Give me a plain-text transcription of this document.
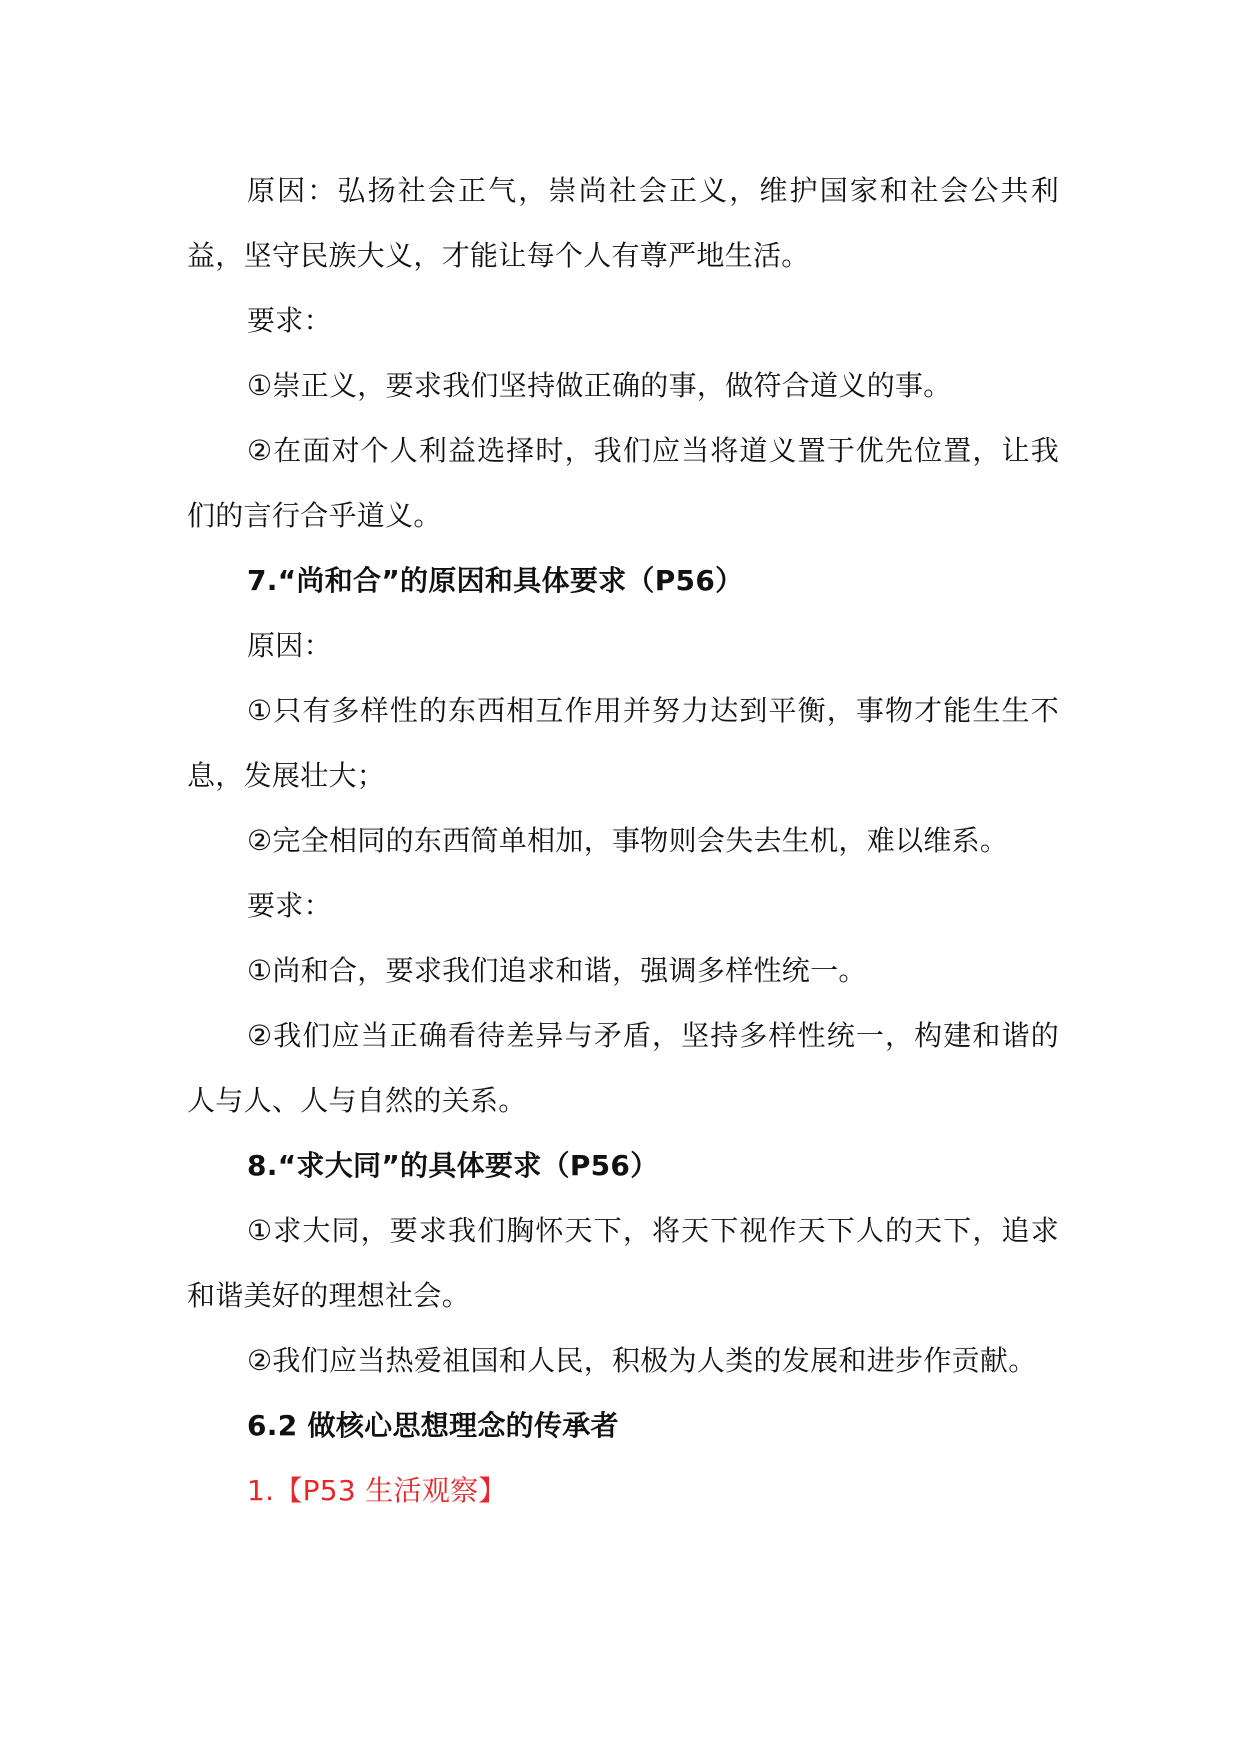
原因：弘扬社会正气，崇尚社会正义，维护国家和社会公共利益，坚守民族大义，才能让每个人有尊严地生活。

要求：

①崇正义，要求我们坚持做正确的事，做符合道义的事。

②在面对个人利益选择时，我们应当将道义置于优先位置，让我们的言行合乎道义。

7.“尚和合”的原因和具体要求（P56）

原因：

①只有多样性的东西相互作用并努力达到平衡，事物才能生生不息，发展壮大；

②完全相同的东西简单相加，事物则会失去生机，难以维系。

要求：

①尚和合，要求我们追求和谐，强调多样性统一。

②我们应当正确看待差异与矛盾，坚持多样性统一，构建和谐的人与人、人与自然的关系。

8.“求大同”的具体要求（P56）

①求大同，要求我们胸怀天下，将天下视作天下人的天下，追求和谐美好的理想社会。

②我们应当热爱祖国和人民，积极为人类的发展和进步作贡献。

6.2 做核心思想理念的传承者

1.【P53 生活观察】
